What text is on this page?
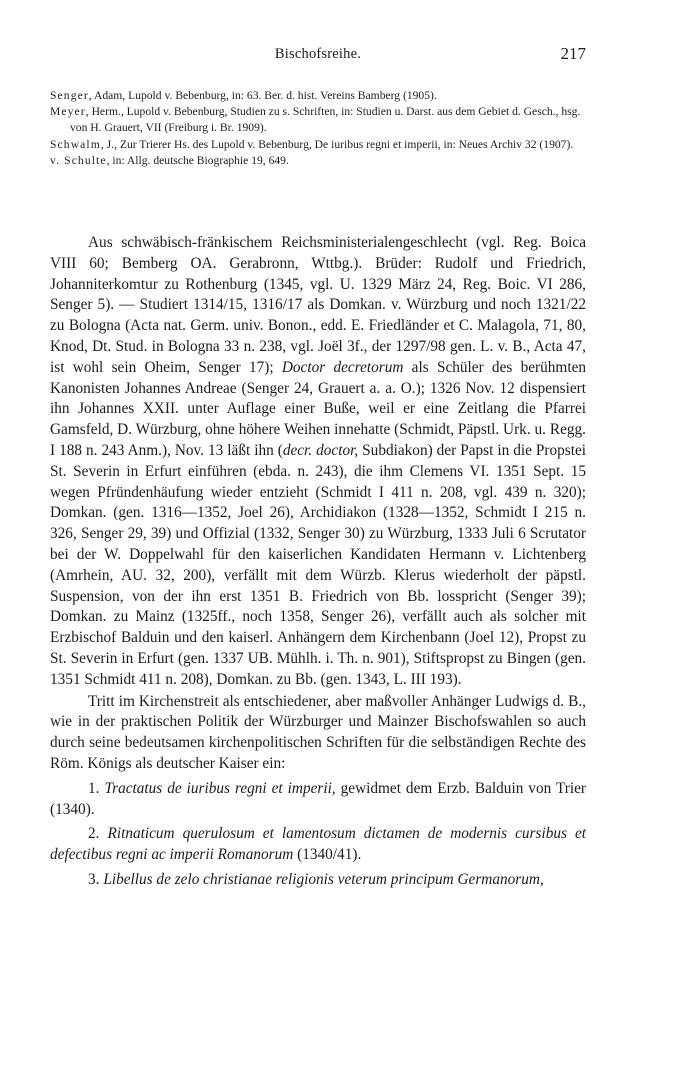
Bischofsreihe.	217

Senger, Adam, Lupold v. Bebenburg, in: 63. Ber. d. hist. Vereins Bamberg (1905).

Meyer, Herm., Lupold v. Bebenburg, Studien zu s. Schriften, in: Studien u. Darst. aus dem Gebiet d. Gesch., hsg. von H. Grauert, VII (Freiburg i. Br. 1909).

Schwalm, J., Zur Trierer Hs. des Lupold v. Bebenburg, De iuribus regni et imperii, in: Neues Archiv 32 (1907).

v. Schulte, in: Allg. deutsche Biographie 19, 649.

Aus schwäbisch-fränkischem Reichsministerialengeschlecht (vgl. Reg. Boica VIII 60; Bemberg OA. Gerabronn, Wttbg.). Brüder: Rudolf und Friedrich, Johanniterkomtur zu Rothenburg (1345, vgl. U. 1329 März 24, Reg. Boic. VI 286, Senger 5). — Studiert 1314/15, 1316/17 als Domkan. v. Würzburg und noch 1321/22 zu Bologna (Acta nat. Germ. univ. Bonon., edd. E. Friedländer et C. Malagola, 71, 80, Knod, Dt. Stud. in Bologna 33 n. 238, vgl. Joël 3f., der 1297/98 gen. L. v. B., Acta 47, ist wohl sein Oheim, Senger 17); Doctor decretorum als Schüler des berühmten Kanonisten Johannes Andreae (Senger 24, Grauert a. a. O.); 1326 Nov. 12 dispensiert ihn Johannes XXII. unter Auflage einer Buße, weil er eine Zeitlang die Pfarrei Gamsfeld, D. Würzburg, ohne höhere Weihen innehatte (Schmidt, Päpstl. Urk. u. Regg. I 188 n. 243 Anm.), Nov. 13 läßt ihn (decr. doctor, Subdiakon) der Papst in die Propstei St. Severin in Erfurt einführen (ebda. n. 243), die ihm Clemens VI. 1351 Sept. 15 wegen Pfründenhäufung wieder entzieht (Schmidt I 411 n. 208, vgl. 439 n. 320); Domkan. (gen. 1316—1352, Joel 26), Archidiakon (1328—1352, Schmidt I 215 n. 326, Senger 29, 39) und Offizial (1332, Senger 30) zu Würzburg, 1333 Juli 6 Scrutator bei der W. Doppelwahl für den kaiserlichen Kandidaten Hermann v. Lichtenberg (Amrhein, AU. 32, 200), verfällt mit dem Würzb. Klerus wiederholt der päpstl. Suspension, von der ihn erst 1351 B. Friedrich von Bb. losspricht (Senger 39); Domkan. zu Mainz (1325ff., noch 1358, Senger 26), verfällt auch als solcher mit Erzbischof Balduin und den kaiserl. Anhängern dem Kirchenbann (Joel 12), Propst zu St. Severin in Erfurt (gen. 1337 UB. Mühlh. i. Th. n. 901), Stiftspropst zu Bingen (gen. 1351 Schmidt 411 n. 208), Domkan. zu Bb. (gen. 1343, L. III 193).

Tritt im Kirchenstreit als entschiedener, aber maßvoller Anhänger Ludwigs d. B., wie in der praktischen Politik der Würzburger und Mainzer Bischofswahlen so auch durch seine bedeutsamen kirchenpolitischen Schriften für die selbständigen Rechte des Röm. Königs als deutscher Kaiser ein:

1. Tractatus de iuribus regni et imperii, gewidmet dem Erzb. Balduin von Trier (1340).

2. Ritnaticum querulosum et lamentosum dictamen de modernis cursibus et defectibus regni ac imperii Romanorum (1340/41).

3. Libellus de zelo christianae religionis veterum principum Germanorum,
